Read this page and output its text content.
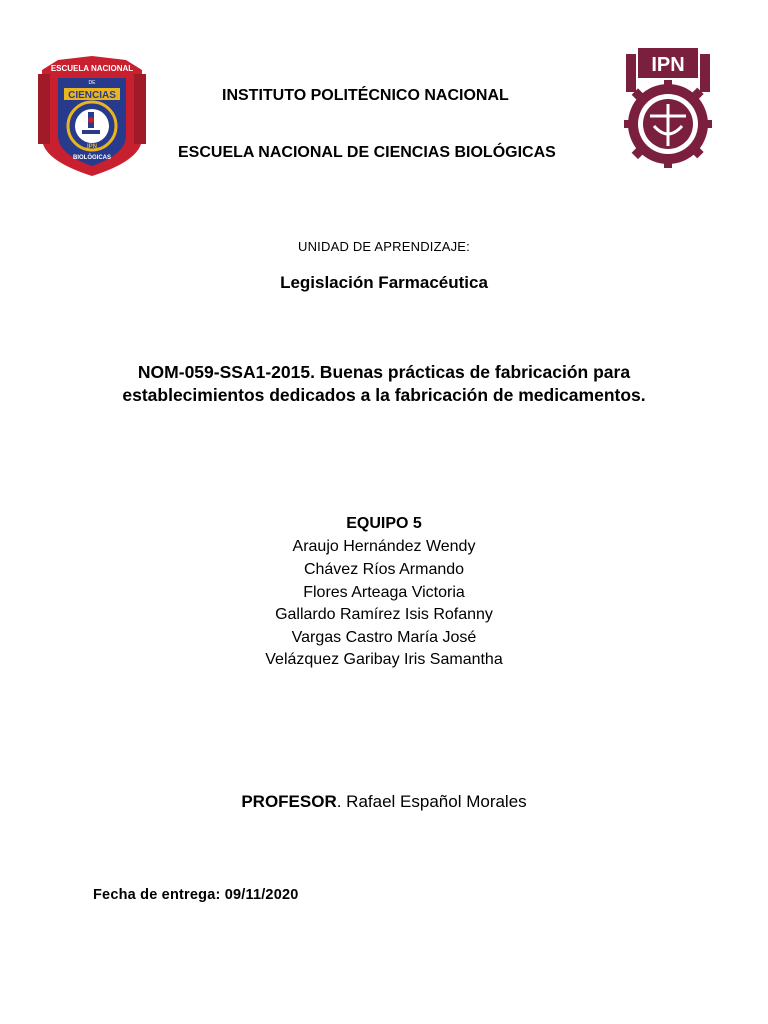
ESCUELA NACIONAL
DE
CIENCIAS
BIOLÓGICAS
IPN
IPN
INSTITUTO POLITÉCNICO NACIONAL
ESCUELA NACIONAL DE CIENCIAS BIOLÓGICAS
UNIDAD DE APRENDIZAJE:
Legislación Farmacéutica
NOM-059-SSA1-2015. Buenas prácticas de fabricación para
establecimientos dedicados a la fabricación de medicamentos.
EQUIPO 5
Araujo Hernández Wendy
Chávez Ríos Armando
Flores Arteaga Victoria
Gallardo Ramírez Isis Rofanny
Vargas Castro María José
Velázquez Garibay Iris Samantha
PROFESOR. Rafael Español Morales
Fecha de entrega: 09/11/2020
